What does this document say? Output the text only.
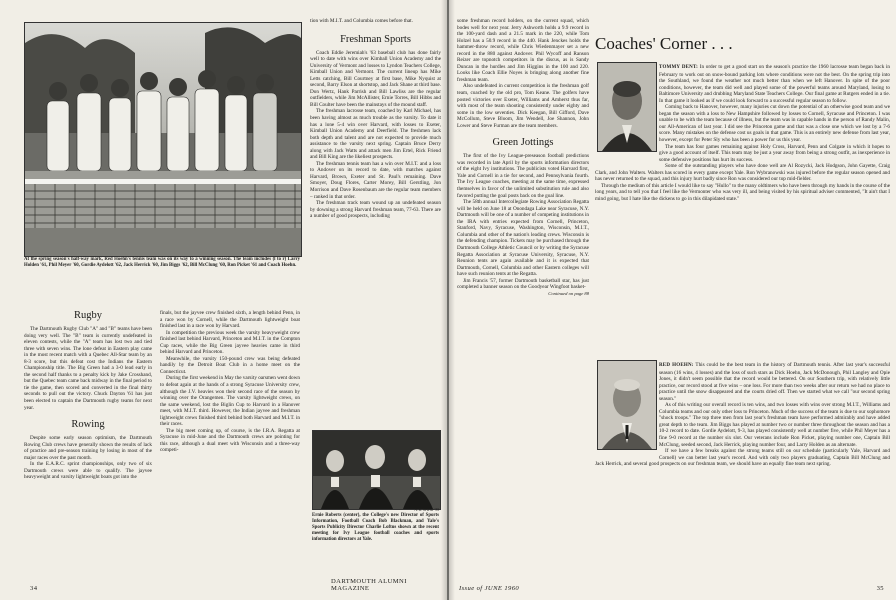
At the spring season's half-way mark, Red Hoehn's tennis team was on its way to a winning season. The team includes (l to r) Larry Holden '61, Phil Meyer '60, Gordie Aydelott '62, Jack Herrick '60, Jim Biggs '62, Bill McClung '60, Ron Picket '61 and Coach Hoehn.

Rugby

The Dartmouth Rugby Club "A" and "B" teams have been doing very well. The "B" team is currently undefeated in eleven contests, while the "A" team has lost two and tied three with seven wins. The lone defeat in Eastern play came in the most recent match with a Quebec All-Star team by an 8-3 score, but this defeat cost the Indians the Eastern Championship title. The Big Green had a 3-0 lead early in the second half thanks to a penalty kick by Jake Crosshand, but the Quebec team came back midway in the final period to tie the game, then scored and converted in the final thirty seconds to pull out the victory. Chuck Dayton '61 has just been elected to captain the Dartmouth rugby teams for next year.

Rowing

Despite some early season optimism, the Dartmouth Rowing Club crews have generally shown the results of lack of practice and pre-season training by losing in most of the major races over the past month.

In the E.A.R.C. sprint championships, only two of six Dartmouth crews were able to qualify. The jayvee heavyweight and varsity lightweight boats got into the

finals, but the jayvee crew finished sixth, a length behind Penn, in a race won by Cornell, while the Dartmouth lightweight boat finished last in a race won by Harvard.

In competition the previous week the varsity heavyweight crew finished last behind Harvard, Princeton and M.I.T. in the Compton Cup races, while the Big Green jayvee heavies came in third behind Harvard and Princeton.

Meanwhile, the varsity 150-pound crew was being defeated handily by the Detroit Boat Club in a home meet on the Connecticut.

During the first weekend in May the varsity oarsmen went down to defeat again at the hands of a strong Syracuse University crew, although the J.V. heavies won their second race of the season by winning over the Orangemen. The varsity lightweight crews, on the same weekend, lost the Biglin Cup to Harvard in a Hanover meet, with M.I.T. third. However, the Indian jayvee and freshman lightweight crews finished third behind both Harvard and M.I.T. in their races.

The big meet coming up, of course, is the I.R.A. Regatta at Syracuse in mid-June and the Dartmouth crews are pointing for this race, although a dual meet with Wisconsin and a three-way competi-

tion with M.I.T. and Columbia comes before that.

Freshman Sports

Coach Eddie Jeremiah's '63 baseball club has done fairly well to date with wins over Kimball Union Academy and the University of Vermont and losses to Lyndon Teachers College, Kimball Union and Vermont. The current lineup has Mike Letts catching, Bill Courtney at first base, Mike Nyquist at second, Barry Elson at shortstop, and Jack Shane at third base. Don Wertz, Hank Parrish and Bill Lawliss are the regular outfielders, while Jim McAllister, Ernie Torres, Bill Hibbs and Bill Coulter have been the mainstays of the mound staff.

The freshman lacrosse team, coached by Karl Michael, has been having almost as much trouble as the varsity. To date it has a lone 5-4 win over Harvard, with losses to Exeter, Kimball Union Academy and Deerfield. The freshmen lack both depth and talent and are not expected to provide much assistance to the varsity next spring. Captain Bruce Derry along with Jack Watts and attack men Jim Ertel, Rick Friend and Bill King are the likeliest prospects.

The freshman tennis team has a win over M.I.T. and a loss to Andover on its record to date, with matches against Harvard, Brown, Exeter and St. Paul's remaining. Dave Smoyer, Doug Flores, Carter Morey, Bill Gerstling, Jon Morrison and Dave Rosenbaum are the regular team members – ranked in that order.

The freshman track team wound up an undefeated season by downing a strong Harvard freshman team, 77-63. There are a number of good prospects, including

A. R. Sevene '35

Ernie Roberts (center), the College's new Director of Sports Information, Football Coach Bob Blackman, and Yale's Sports Publicity Director Charlie Loftus shown at the recent meeting for Ivy League football coaches and sports information directors at Yale.

34
DARTMOUTH ALUMNI MAGAZINE

some freshman record holders, on the current squad, which bodes well for next year. Jerry Ashworth holds a 9.9 record in the 100-yard dash and a 21.5 mark in the 220, while Tom Holzel has a 50.9 record in the 440. Hank Jenckes holds the hammer-throw record, while Chris Wiedenmayer set a new record in the 880 against Andover. Phil Wycoff and Ranson Reizer are topnotch competitors in the discus, as is Sandy Duncan in the hurdles and Jim Higgins in the 100 and 220. Looks like Coach Ellie Noyes is bringing along another fine freshman team.

Also undefeated in current competition is the freshman golf team, coached by the old pro, Tom Keane. The golfers have posted victories over Exeter, Williams and Amherst thus far, with most of the team shooting consistently under eighty and some in the low seventies. Dick Keegan, Bill Gifford, Dave McCollum, Steve Bloom, Jim Wendell, Joe Shannon, John Lower and Steve Furman are the team members.

Green Jottings

The first of the Ivy League-preseason football predictions was recorded in late April by the sports information directors of the eight Ivy institutions. The publicists voted Harvard first, Yale and Cornell in a tie for second, and Pennsylvania fourth. The Ivy League coaches, meeting at the same time, expressed themselves in favor of the unlimited substitution rule and also favored putting the goal posts back on the goal line.

The 58th annual Intercollegiate Rowing Association Regatta will be held on June 18 at Onondaga Lake near Syracuse, N.Y. Dartmouth will be one of a number of competing institutions in the IRA with entries expected from Cornell, Princeton, Stanford, Navy, Syracuse, Washington, Wisconsin, M.I.T., Columbia and other of the nation's leading crews. Wisconsin is the defending champion. Tickets may be purchased through the Dartmouth College Athletic Council or by writing the Syracuse Regatta Association at Syracuse University, Syracuse, N.Y. Reunion tents are again available and it is expected that Dartmouth, Cornell, Columbia and other Eastern colleges will have such reunion tents at the Regatta.

Jim Francis '57, former Dartmouth basketball star, has just completed a banner season on the Goodyear Wingfoot basket-

Continued on page 88

Coaches' Corner . . .

TOMMY DENT: In order to get a good start on the season's practice the 1960 lacrosse team began back in February to work out on snow-bound parking lots where conditions were not the best. On the spring trip into the Southland, we found the weather not much better than when we left Hanover. In spite of the poor conditions, however, the team did well and played some of the powerful teams around Maryland, losing to Baltimore University and drubbing Maryland State Teachers College. Our final game at Rutgers ended in a tie. In that game it looked as if we could look forward to a successful regular season to follow.

Coming back to Hanover, however, many injuries cut down the potential of an otherwise good team and we began the season with a loss to New Hampshire followed by losses to Cornell, Syracuse and Princeton. I was unable to be with the team because of illness, but the team was in capable hands in the person of Randy Malin, our All-American of last year. I did see the Princeton game and that was a close one which we lost by a 7-6 score. Many mistakes on the defense cost us goals in that game. This is an entirely new defense from last year, however, except for Peter Sly who has been a power for us this year.

The team has four games remaining against Holy Cross, Harvard, Penn and Colgate in which it hopes to give a good account of itself. This team may be just a year away from being a strong outfit, as inexperience in some defensive positions has hurt its success.

Some of the outstanding players who have done well are Al Rozycki, Jack Hodgson, John Gayette, Craig Clark, and John Walters. Walters has scored in every game except Yale. Ron Wybranowski was injured before the regular season opened and has never returned to the squad, and this injury hurt badly since Ron was considered our top mid-fielder.

Through the medium of this article I would like to say "Hullo" to the many oldtimers who have been through my hands in the course of the long years, and to tell you that I feel like the Vermonter who was very ill, and being visited by his spiritual adviser commented, "It ain't that I mind going, but I hate like the dickens to go in this dilapidated state."

RED HOEHN: This could be the best team in the history of Dartmouth tennis. After last year's successful season (16 wins, 4 losses) and the loss of such stars as Dick Hoehn, Jack McDonough, Phil Langley and Opie Jones, it didn't seem possible that the record would be bettered. On our Southern trip, with relatively little practice, our record stood at five wins – one loss. For more than two weeks after our return we had no place to practice until the snow disappeared and the courts dried off. Then we started what we call "our second spring season."

As of this writing our overall record is ten wins, and two losses with wins over strong M.I.T., Williams and Columbia teams and our only other loss to Princeton. Much of the success of the team is due to our sophomore "shock troops." The top three men from last year's freshman team have performed admirably and have added great depth to the team. Jim Biggs has played at number two or number three throughout the season and has a 10-2 record to date. Gordie Aydelott, 9-3, has played consistently well at number five, while Phil Meyer has a fine 9-0 record at the number six slot. Our veterans include Ron Picket, playing number one, Captain Bill McClung, seeded second, Jack Herrick, playing number four, and Larry Holden as an alternate.

If we have a few breaks against the strong teams still on our schedule (particularly Yale, Harvard and Cornell) we can better last year's record. And with only two players graduating, Captain Bill McClung and Jack Herrick, and several good prospects on our freshman team, we should have an equally fine team next spring.

Issue of JUNE 1960	35
